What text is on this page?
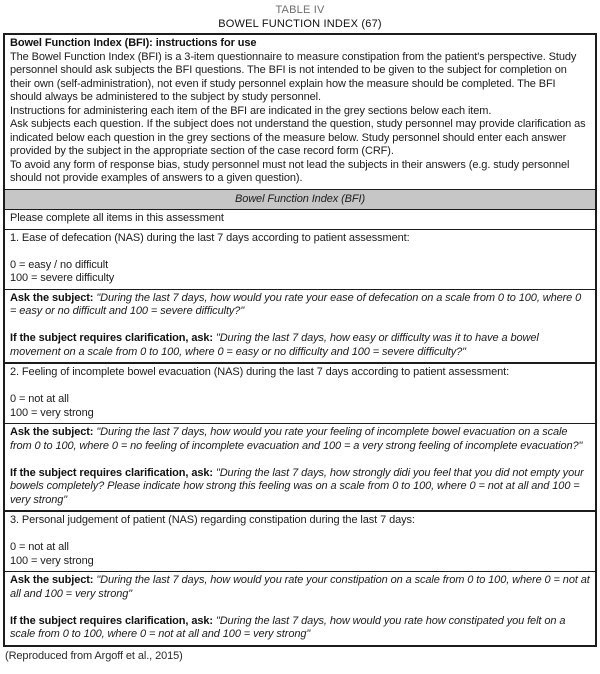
TABLE IV
BOWEL FUNCTION INDEX (67)

Bowel Function Index (BFI): instructions for use

The Bowel Function Index (BFI) is a 3-item questionnaire to measure constipation from the patient's perspective. Study personnel should ask subjects the BFI questions. The BFI is not intended to be given to the subject for completion on their own (self-administration), not even if study personnel explain how the measure should be completed. The BFI should always be administered to the subject by study personnel.

Instructions for administering each item of the BFI are indicated in the grey sections below each item.

Ask subjects each question. If the subject does not understand the question, study personnel may provide clarification as indicated below each question in the grey sections of the measure below. Study personnel should enter each answer provided by the subject in the appropriate section of the case record form (CRF).

To avoid any form of response bias, study personnel must not lead the subjects in their answers (e.g. study personnel should not provide examples of answers to a given question).

Bowel Function Index (BFI)
Please complete all items in this assessment

1. Ease of defecation (NAS) during the last 7 days according to patient assessment:

0 = easy / no difficult

100 = severe difficulty

Ask the subject: "During the last 7 days, how would you rate your ease of defecation on a scale from 0 to 100, where 0 = easy or no difficult and 100 = severe difficulty?"

If the subject requires clarification, ask: "During the last 7 days, how easy or difficulty was it to have a bowel movement on a scale from 0 to 100, where 0 = easy or no difficulty and 100 = severe difficulty?"

2. Feeling of incomplete bowel evacuation (NAS) during the last 7 days according to patient assessment:

0 = not at all

100 = very strong

Ask the subject: "During the last 7 days, how would you rate your feeling of incomplete bowel evacuation on a scale from 0 to 100, where 0 = no feeling of incomplete evacuation and 100 = a very strong feeling of incomplete evacuation?"

If the subject requires clarification, ask: "During the last 7 days, how strongly didi you feel that you did not empty your bowels completely? Please indicate how strong this feeling was on a scale from 0 to 100, where 0 = not at all and 100 = very strong"

3. Personal judgement of patient (NAS) regarding constipation during the last 7 days:

0 = not at all

100 = very strong

Ask the subject: "During the last 7 days, how would you rate your constipation on a scale from 0 to 100, where 0 = not at all and 100 = very strong"

If the subject requires clarification, ask: "During the last 7 days, how would you rate how constipated you felt on a scale from 0 to 100, where 0 = not at all and 100 = very strong"

(Reproduced from Argoff et al., 2015)
